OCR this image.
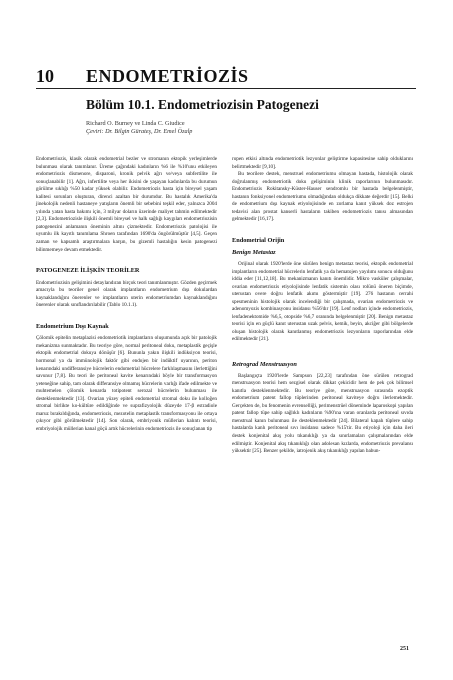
10 ENDOMETRİOZİS
Bölüm 10.1. Endometriozisin Patogenezi
Richard O. Burney ve Linda C. Giudice
Çeviri: Dr. Bilgin Güratеş, Dr. Emel Özalp

Endometriozis, klasik olarak endometrial bezler ve stromanın ektopik yerleşimlerde bulunması olarak tanımlanır. Üreme çağındaki kadınların %6 ile %10'unu etkileyen endometriozis dismenore, disparoni, kronik pelvik ağrı ve/veya subfertilite ile sonuçlanabilir [1]. Ağrı, infertilite veya her ikisini de yaşayan kadınlarda bu durumun görülme sıklığı %50 kadar yüksek olabilir. Endometriozis hasta için bireysel yaşam kalitesi sorunları oluşturan, direnci azaltan bir durumdur. Bu hastalık Amerika'da jinekolojik nedenli hastaneye yatışların önemli bir sebebini teşkil eder, yalnızca 2004 yılında yatan hasta bakımı için, 3 milyar doların üzerinde maliyet tahmin edilmektedir [2,3]. Endometriozisle ilişkili önemli bireysel ve halk sağlığı kaygıları endometriozisin patogenezini anlamanın öneminin altını çizmektedir. Endometriozis patolojisi ile uyumlu ilk kayıtlı tanımlama Shroen tarafından 1690'da öngörülmüştür [4,5]. Geçen zaman ve kapsamlı araştırmalara karşın, bu gizemli hastalığın kesin patogenezi bilinmemeye devam etmektedir.

PATOGENEZE İLİŞKİN TEORİLER

Endometriozisin gelişimini detaylandıran birçok teori tanımlanmıştır. Gözden geçirmek amacıyla bu teoriler genel olarak implantların endometrium dışı dokulardan kaynaklandığını önerenler ve implantların uterin endometriumdan kaynaklandığını önerenler olarak sınıflandırılabilir (Tablo 10.1.1).

Endometrium Dışı Kaynak

Çölomik epitelin metaplazisi endometriotik implantların oluşumunda açık bir patolojik mekanizma sunmaktadır. Bu teoriye göre, normal peritoneal doku, metaplastik geçişle ektopik endometrial dokuya dönüşür [6]. Bununla yakın ilişkili indüksiyon teorisi, hormonal ya da immünolojik faktör gibi endojen bir indüktif uyarının, periton kenarındaki undifferansiye hücrelerin endometrial hücrelere farklılaşmasını ilerlettiğini savunur [7,8]. Bu teori ile peritoneal kavite kenarındaki böyle bir transformasyon yeteneğine sahip, tam olarak differansiye olmamış hücrelerin varlığı ifade edilmekte ve muhtemelen çölomik kenarda totipotent serozal hücrelerin bulunması ile desteklenmektedir [13]. Ovarian yüzey epiteli endometrial stromal doku ile kolloğen stromal birlikte ko-kültüre edildiğinde ve suprafizyolojik düzeyde 17-β estradiole maruz bırakıldığında, endometriozis, mezotelin metaplastik transformasyonu ile ortaya çıkıyor gibi görülmektedir [14]. Son olarak, embriyonik müllerian kalıntı teorisi, embriyolojik müllerian kanal göçü artık hücrelerinin endometriozis ile sonuçlanan tip

ropen etkisi altında endometriotik lezyonlar geliştirme kapasitesine sahip olduklarını belirtmektedir [9,10].

Bu teorilere destek, menstruel endometriumu olmayan hastada, histolojik olarak doğrulanmış endometriotik doku gelişiminin klinik raporlarının bulunmasıdır. Endometriozis Rokitansky-Küster-Hauser sendromlu bir hastada belgelenmiştir, hastanın fonksiyonel endometriumu olmadığından oldukça dikkate değerdir [15]. Belki de endometrium dışı kaynak etiyolojisinde en zorlama kanıt yüksek doz estrojen tedavisi alan prostat kanserli hastaların takiben endometriozis tanısı almasından gelmektedir [16,17].

Endometrial Orijin
Benign Metastaz

Orijinal olarak 1920'lerde öne sürülen benign metastaz teorisi, ektopik endometrial implantların endometrial hücrelerin lenfatik ya da hematojen yayılımı sonucu olduğunu iddia eder [11,12,18]. Bu mekanizmanın kanıtı önemlidir. Mikro vasküler çalışmalar, ovarian endometriozis etiyolojisinde lenfatik sistemin olası rolünü öneren biçimde, uterustan overe doğru lenfatik akımı göstermiştir [19]. 276 hastanın cerrahi spesmeninin histolojik olarak incelendiği bir çalışmada, ovarian endometriozis ve adenomyozis kombinasyonu insidansı %56'dır [19]. Lenf nodları içinde endometriozis, lenfadenektomide %6,5, otopside %6,7 oranında belgelenmiştir [20]. Benign metastaz teorisi için en güçlü kanıt uterustan uzak pelvis, kemik, beyin, akciğer gibi bölgelerde oluşan histolojik olarak kanıtlanmış endometriozis lezyonların raporlarından elde edilmektedir [21].

Retrograd Menstruasyon

Başlangıçta 1920'lerde Sampson [22,23] tarafından öne sürülen retrograd menstruasyon teorisi hem sezgisel olarak dikkat çekicidir hem de pek çok bilimsel kanıtla desteklenmektedir. Bu teoriye göre, menstruasyon sırasında ezoptik endometrium patent fallop tüplerinden peritoneal kaviteye doğru ilerlemektedir. Gerçekten de, bu fenomenin evrenselliği, perimenstrüel döneminde laparoskopi yapılan patent fallop tüpe sahip sağlıklı kadınların %90'ına varan oranlarda peritoneal sıvıda menstrual kanın bulunması ile desteklenmektedir [24]. Bilateral kapalı tüplere sahip hastalarda kanlı peritoneal sıvı insidansı sadece %15'tir. Bu etiyoloji için daha ileri destek konjenital akış yolu tıkanıklığı ya da sınırlamaları çalışmalarından elde edilmiştir. Konjenital akış tıkanıklığı olan adolesan kızlarda, endometriozis prevalansı yüksektir [25]. Benzer şekilde, iatrojenik akış tıkanıklığı yapılan babun-

251
